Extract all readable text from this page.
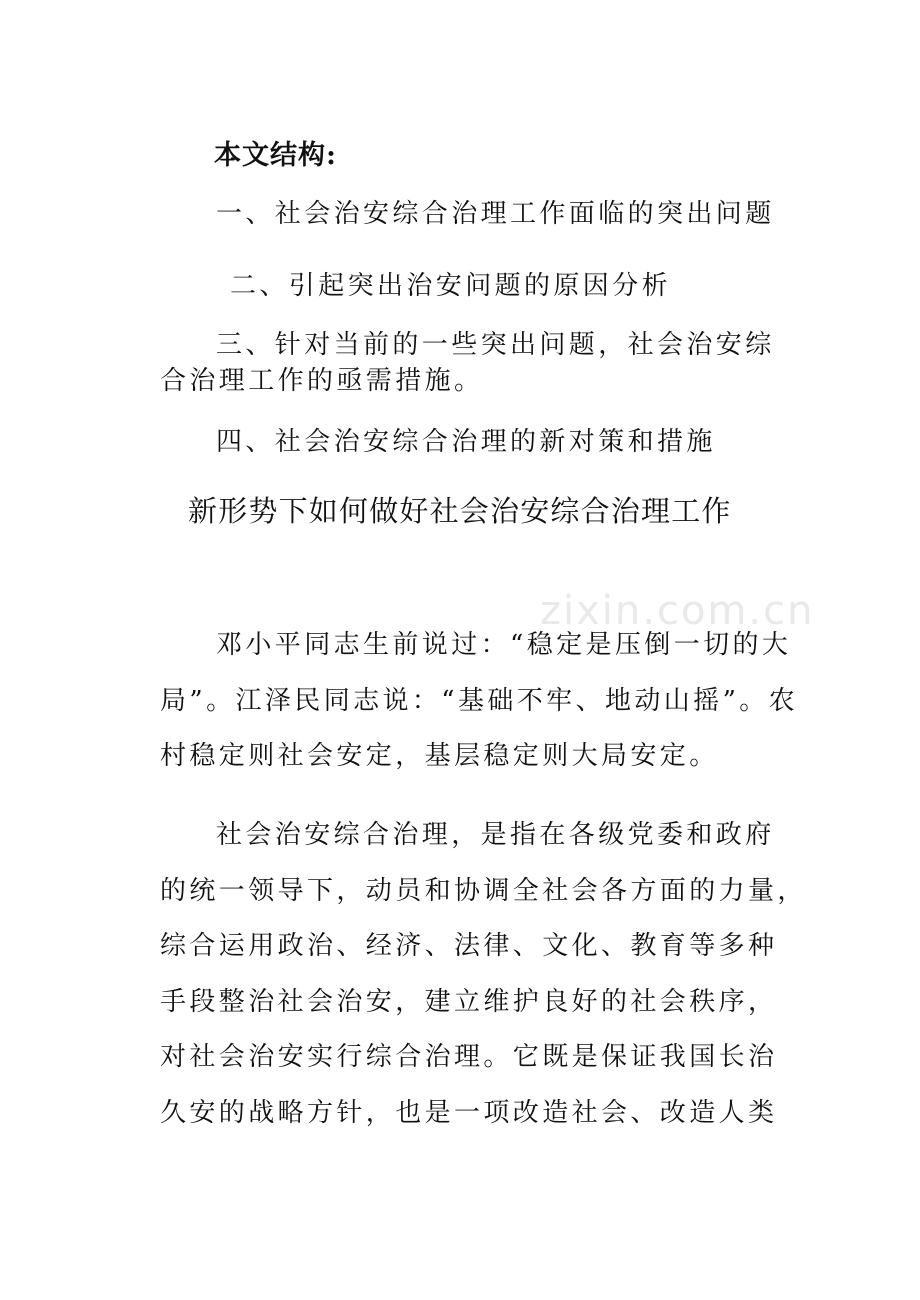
本文结构:
一、社会治安综合治理工作面临的突出问题
二、引起突出治安问题的原因分析
三、针对当前的一些突出问题，社会治安综
合治理工作的亟需措施。
四、社会治安综合治理的新对策和措施
新形势下如何做好社会治安综合治理工作
zixin.com.cn
邓小平同志生前说过：“稳定是压倒一切的大
局”。江泽民同志说：“基础不牢、地动山摇”。农
村稳定则社会安定，基层稳定则大局安定。
社会治安综合治理，是指在各级党委和政府
的统一领导下，动员和协调全社会各方面的力量，
综合运用政治、经济、法律、文化、教育等多种
手段整治社会治安，建立维护良好的社会秩序，
对社会治安实行综合治理。它既是保证我国长治
久安的战略方针，也是一项改造社会、改造人类
